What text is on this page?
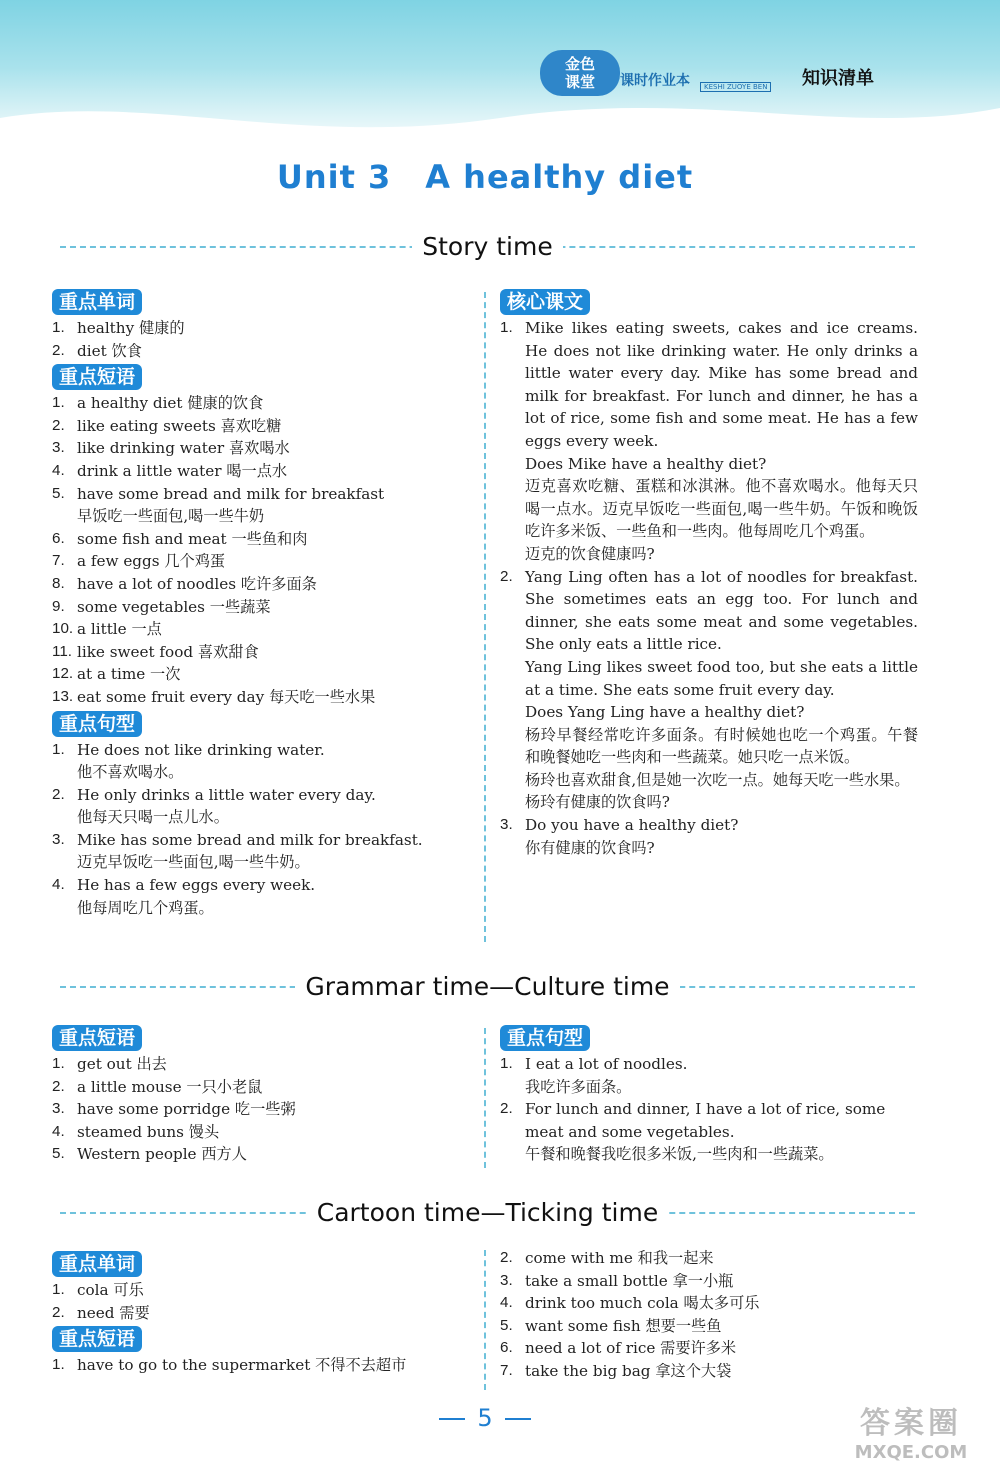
金色
课堂	课时作业本	KESHI ZUOYE BEN 知识清单
Unit 3 A healthy diet
Story time
重点单词
1. healthy 健康的
2. diet 饮食
重点短语
1. a healthy diet 健康的饮食
2. like eating sweets 喜欢吃糖
3. like drinking water 喜欢喝水
4. drink a little water 喝一点水
5. have some bread and milk for breakfast
早饭吃一些面包,喝一些牛奶
6. some fish and meat 一些鱼和肉
7. a few eggs 几个鸡蛋
8. have a lot of noodles 吃许多面条
9. some vegetables 一些蔬菜
10. a little 一点
11. like sweet food 喜欢甜食
12. at a time 一次
13. eat some fruit every day 每天吃一些水果
重点句型
1. He does not like drinking water.
他不喜欢喝水。
2. He only drinks a little water every day.
他每天只喝一点儿水。
3. Mike has some bread and milk for breakfast.
迈克早饭吃一些面包,喝一些牛奶。
4. He has a few eggs every week.
他每周吃几个鸡蛋。
核心课文
1. Mike likes eating sweets, cakes and ice creams. He does not like drinking water. He only drinks a little water every day. Mike has some bread and milk for breakfast. For lunch and dinner, he has a lot of rice, some fish and some meat. He has a few eggs every week.
Does Mike have a healthy diet?
迈克喜欢吃糖、蛋糕和冰淇淋。他不喜欢喝水。他每天只喝一点水。迈克早饭吃一些面包,喝一些牛奶。午饭和晚饭吃许多米饭、一些鱼和一些肉。他每周吃几个鸡蛋。
迈克的饮食健康吗?
2. Yang Ling often has a lot of noodles for breakfast. She sometimes eats an egg too. For lunch and dinner, she eats some meat and some vegetables. She only eats a little rice.
Yang Ling likes sweet food too, but she eats a little at a time. She eats some fruit every day.
Does Yang Ling have a healthy diet?
杨玲早餐经常吃许多面条。有时候她也吃一个鸡蛋。午餐和晚餐她吃一些肉和一些蔬菜。她只吃一点米饭。
杨玲也喜欢甜食,但是她一次吃一点。她每天吃一些水果。
杨玲有健康的饮食吗?
3. Do you have a healthy diet?
你有健康的饮食吗?
Grammar time—Culture time
重点短语
1. get out 出去
2. a little mouse 一只小老鼠
3. have some porridge 吃一些粥
4. steamed buns 馒头
5. Western people 西方人
重点句型
1. I eat a lot of noodles.
我吃许多面条。
2. For lunch and dinner, I have a lot of rice, some meat and some vegetables.
午餐和晚餐我吃很多米饭,一些肉和一些蔬菜。
Cartoon time—Ticking time
重点单词
1. cola 可乐
2. need 需要
重点短语
1. have to go to the supermarket 不得不去超市
2. come with me 和我一起来
3. take a small bottle 拿一小瓶
4. drink too much cola 喝太多可乐
5. want some fish 想要一些鱼
6. need a lot of rice 需要许多米
7. take the big bag 拿这个大袋
5	答案圈
MXQE.COM
